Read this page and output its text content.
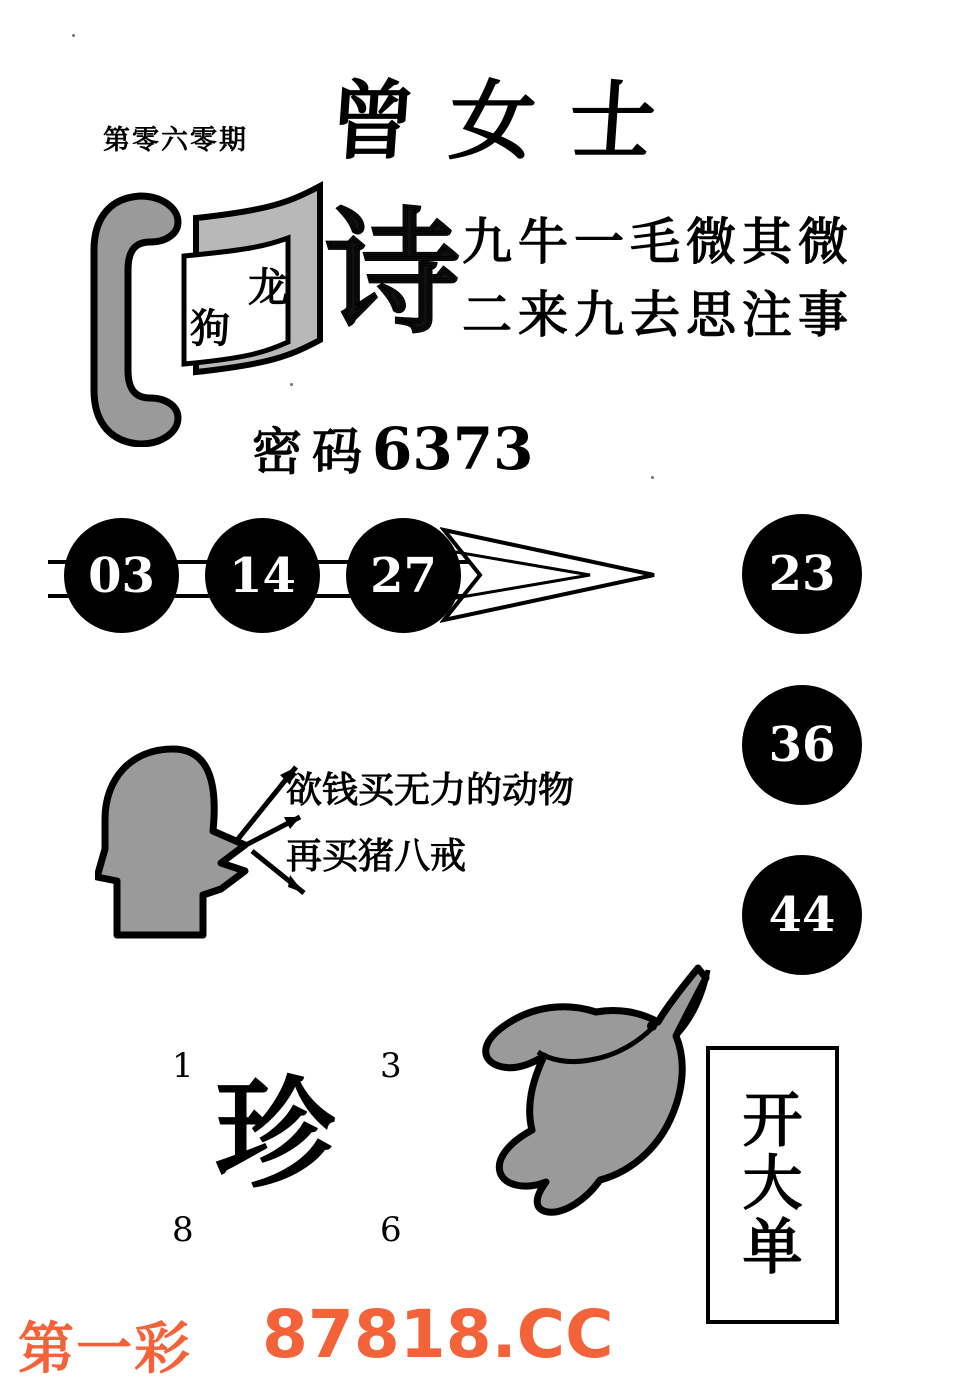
第零六零期 曾女士
龙
狗 诗 九牛一毛微其微
二来九去思注事
密码6373
03	14	27	23
36
44
欲钱买无力的动物
再买猪八戒
1	3
8	6
珍	开
大
单
第一彩 87818.CC
